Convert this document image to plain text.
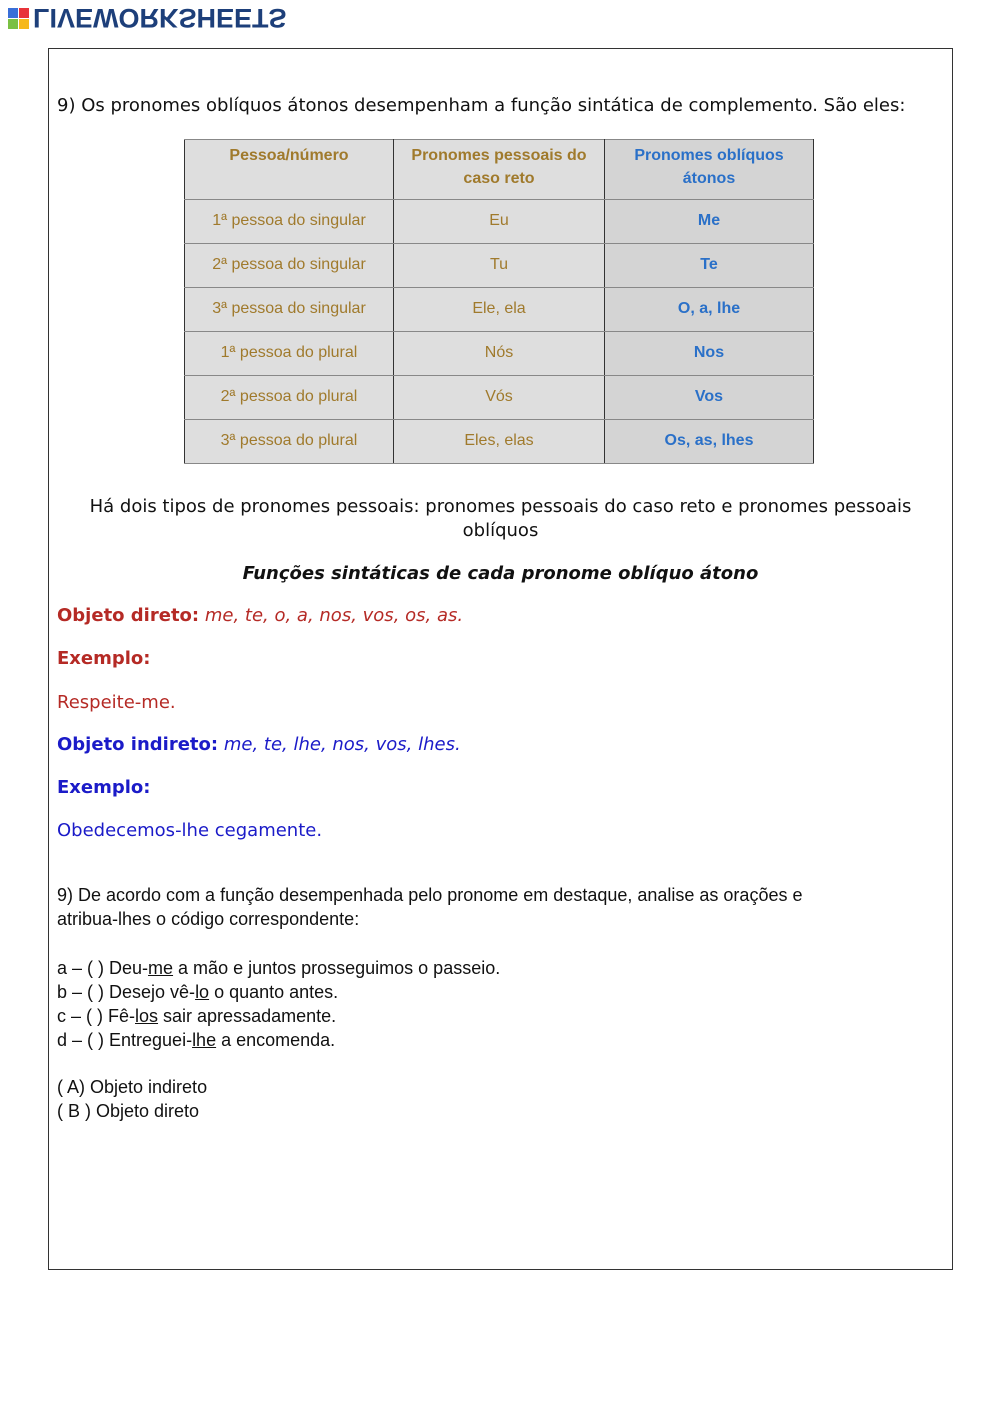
LIVEWORKSHEETS
9) Os pronomes oblíquos átonos desempenham a função sintática de complemento. São eles:
Pessoa/número	Pronomes pessoais do caso reto	Pronomes oblíquos átonos
1ª pessoa do singular	Eu	Me
2ª pessoa do singular	Tu	Te
3ª pessoa do singular	Ele, ela	O, a, lhe
1ª pessoa do plural	Nós	Nos
2ª pessoa do plural	Vós	Vos
3ª pessoa do plural	Eles, elas	Os, as, lhes
Há dois tipos de pronomes pessoais: pronomes pessoais do caso reto e pronomes pessoais
oblíquos
Funções sintáticas de cada pronome oblíquo átono
Objeto direto: me, te, o, a, nos, vos, os, as.
Exemplo:
Respeite-me.
Objeto indireto: me, te, lhe, nos, vos, lhes.
Exemplo:
Obedecemos-lhe cegamente.
9) De acordo com a função desempenhada pelo pronome em destaque, analise as orações e
atribua-lhes o código correspondente:
a – ( ) Deu-me a mão e juntos prosseguimos o passeio.
b – ( ) Desejo vê-lo o quanto antes.
c – ( ) Fê-los sair apressadamente.
d – ( ) Entreguei-lhe a encomenda.
( A) Objeto indireto
( B ) Objeto direto
